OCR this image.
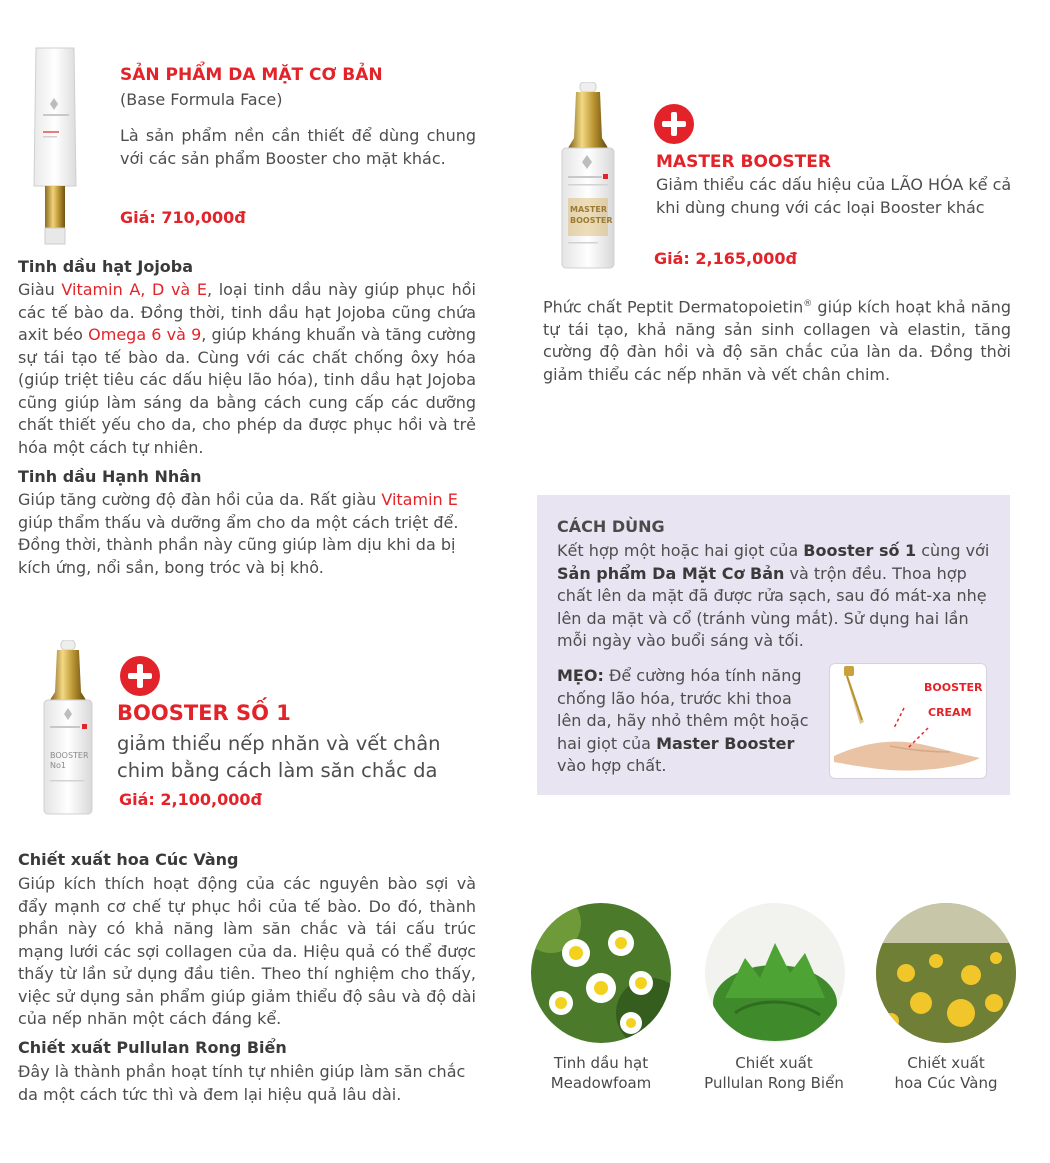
SẢN PHẨM DA MẶT CƠ BẢN
(Base Formula Face)
Là sản phẩm nền cần thiết để dùng chung với các sản phẩm Booster cho mặt khác.
Giá: 710,000đ
Tinh dầu hạt Jojoba
Giàu Vitamin A, D và E, loại tinh dầu này giúp phục hồi các tế bào da. Đồng thời, tinh dầu hạt Jojoba cũng chứa axit béo Omega 6 và 9, giúp kháng khuẩn và tăng cường sự tái tạo tế bào da. Cùng với các chất chống ôxy hóa (giúp triệt tiêu các dấu hiệu lão hóa), tinh dầu hạt Jojoba cũng giúp làm sáng da bằng cách cung cấp các dưỡng chất thiết yếu cho da, cho phép da được phục hồi và trẻ hóa một cách tự nhiên.
Tinh dầu Hạnh Nhân
Giúp tăng cường độ đàn hồi của da. Rất giàu Vitamin E giúp thẩm thấu và dưỡng ẩm cho da một cách triệt để. Đồng thời, thành phần này cũng giúp làm dịu khi da bị kích ứng, nổi sần, bong tróc và bị khô.
MASTER
BOOSTER
MASTER BOOSTER
Giảm thiểu các dấu hiệu của LÃO HÓA kể cả khi dùng chung với các loại Booster khác
Giá: 2,165,000đ
Phức chất Peptit Dermatopoietin® giúp kích hoạt khả năng tự tái tạo, khả năng sản sinh collagen và elastin, tăng cường độ đàn hồi và độ săn chắc của làn da. Đồng thời giảm thiểu các nếp nhăn và vết chân chim.
CÁCH DÙNG
Kết hợp một hoặc hai giọt của Booster số 1 cùng với Sản phẩm Da Mặt Cơ Bản và trộn đều. Thoa hợp chất lên da mặt đã được rửa sạch, sau đó mát-xa nhẹ lên da mặt và cổ (tránh vùng mắt). Sử dụng hai lần mỗi ngày vào buổi sáng và tối.
MẸO: Để cường hóa tính năng chống lão hóa, trước khi thoa lên da, hãy nhỏ thêm một hoặc hai giọt của Master Booster vào hợp chất.
BOOSTER
CREAM
BOOSTER
No1
BOOSTER SỐ 1
giảm thiểu nếp nhăn và vết chân chim bằng cách làm săn chắc da
Giá: 2,100,000đ
Chiết xuất hoa Cúc Vàng
Giúp kích thích hoạt động của các nguyên bào sợi và đẩy mạnh cơ chế tự phục hồi của tế bào. Do đó, thành phần này có khả năng làm săn chắc và tái cấu trúc mạng lưới các sợi collagen của da. Hiệu quả có thể được thấy từ lần sử dụng đầu tiên. Theo thí nghiệm cho thấy, việc sử dụng sản phẩm giúp giảm thiểu độ sâu và độ dài của nếp nhăn một cách đáng kể.
Chiết xuất Pullulan Rong Biển
Đây là thành phần hoạt tính tự nhiên giúp làm săn chắc da một cách tức thì và đem lại hiệu quả lâu dài.
Tinh dầu hạt
Meadowfoam
Chiết xuất
Pullulan Rong Biển
Chiết xuất
hoa Cúc Vàng
